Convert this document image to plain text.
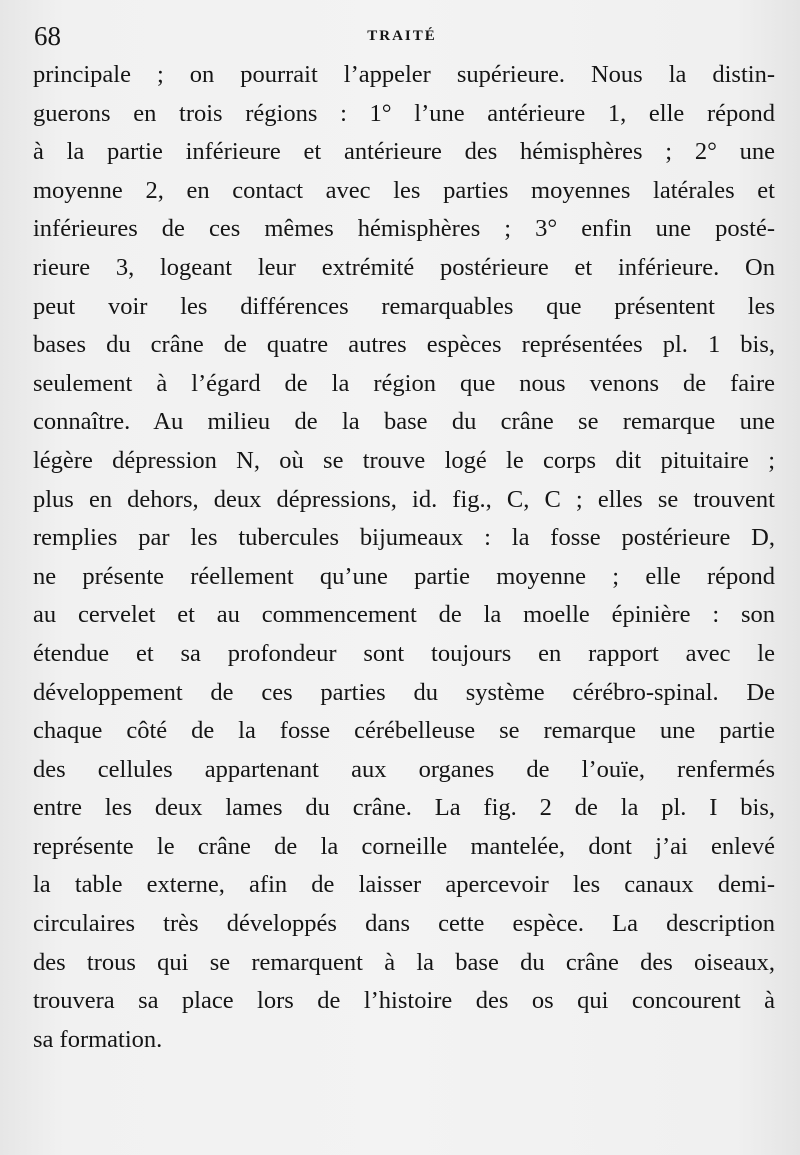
68	TRAITÉ
principale ; on pourrait l’appeler supérieure. Nous la distin-
guerons en trois régions : 1° l’une antérieure 1, elle répond
à la partie inférieure et antérieure des hémisphères ; 2° une
moyenne 2, en contact avec les parties moyennes latérales et
inférieures de ces mêmes hémisphères ; 3° enfin une posté-
rieure 3, logeant leur extrémité postérieure et inférieure. On
peut voir les différences remarquables que présentent les
bases du crâne de quatre autres espèces représentées pl. 1 bis,
seulement à l’égard de la région que nous venons de faire
connaître. Au milieu de la base du crâne se remarque une
légère dépression N, où se trouve logé le corps dit pituitaire ;
plus en dehors, deux dépressions, id. fig., C, C ; elles se trouvent
remplies par les tubercules bijumeaux : la fosse postérieure D,
ne présente réellement qu’une partie moyenne ; elle répond
au cervelet et au commencement de la moelle épinière : son
étendue et sa profondeur sont toujours en rapport avec le
développement de ces parties du système cérébro-spinal. De
chaque côté de la fosse cérébelleuse se remarque une partie
des cellules appartenant aux organes de l’ouïe, renfermés
entre les deux lames du crâne. La fig. 2 de la pl. I bis,
représente le crâne de la corneille mantelée, dont j’ai enlevé
la table externe, afin de laisser apercevoir les canaux demi-
circulaires très développés dans cette espèce. La description
des trous qui se remarquent à la base du crâne des oiseaux,
trouvera sa place lors de l’histoire des os qui concourent à
sa formation.
